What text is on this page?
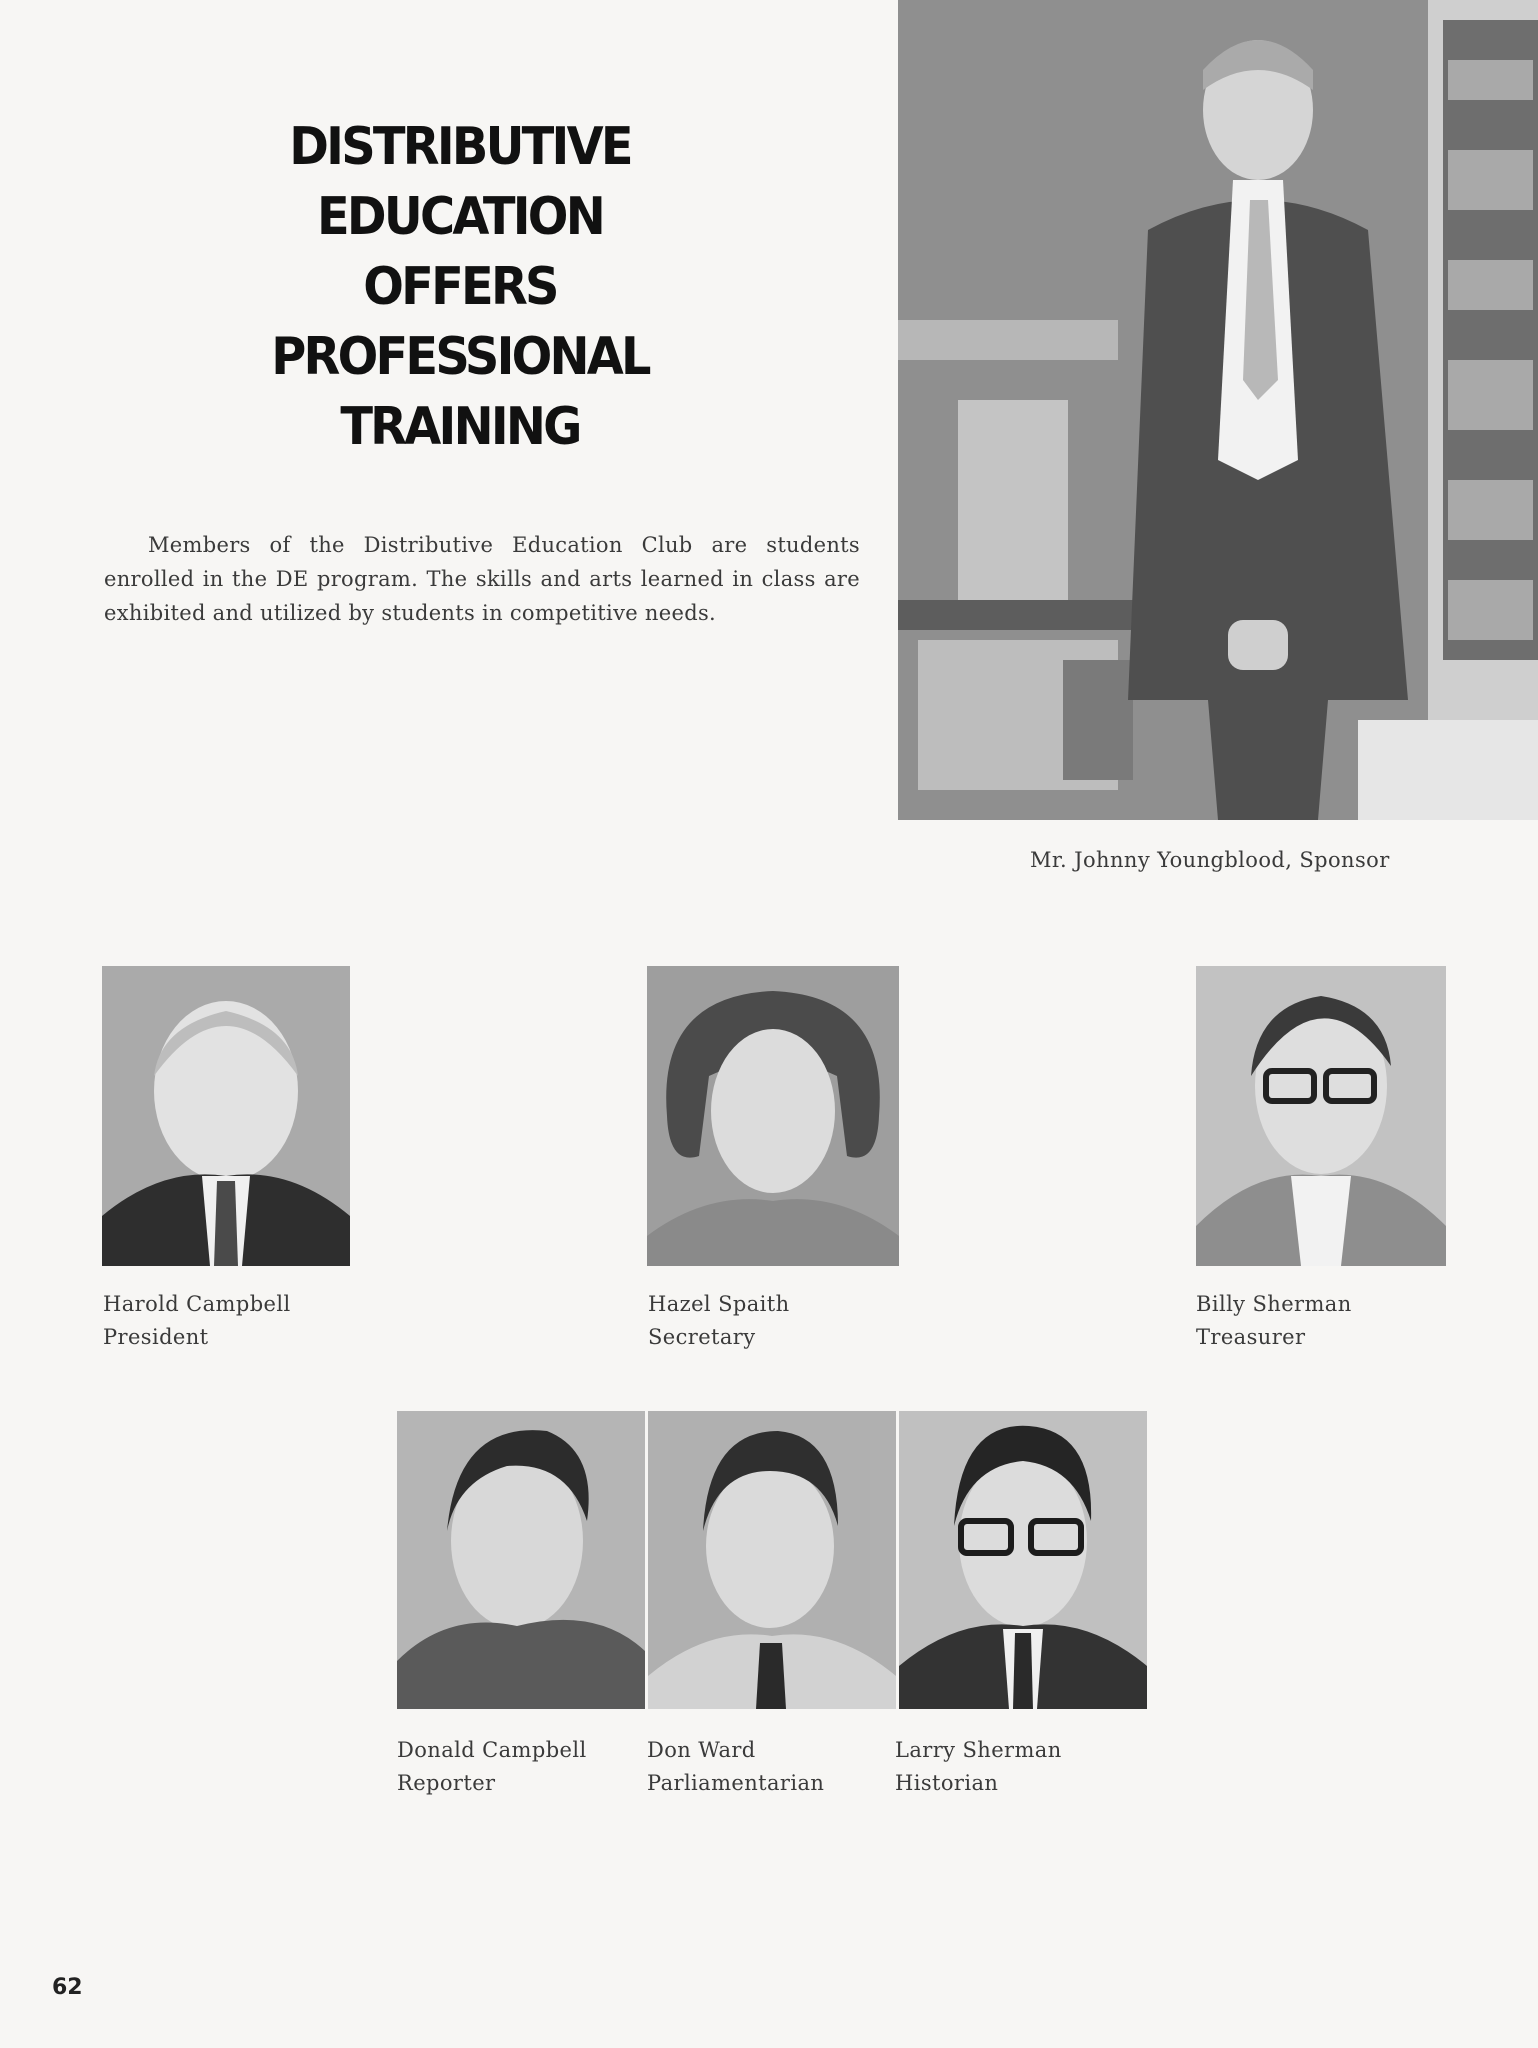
DISTRIBUTIVE
EDUCATION
OFFERS
PROFESSIONAL
TRAINING

Members of the Distributive Education Club are students enrolled in the DE program. The skills and arts learned in class are exhibited and utilized by students in competitive needs.

Mr. Johnny Youngblood, Sponsor
Harold Campbell
President
Hazel Spaith
Secretary
Billy Sherman
Treasurer
Donald Campbell
Reporter
Don Ward
Parliamentarian
Larry Sherman
Historian
62
